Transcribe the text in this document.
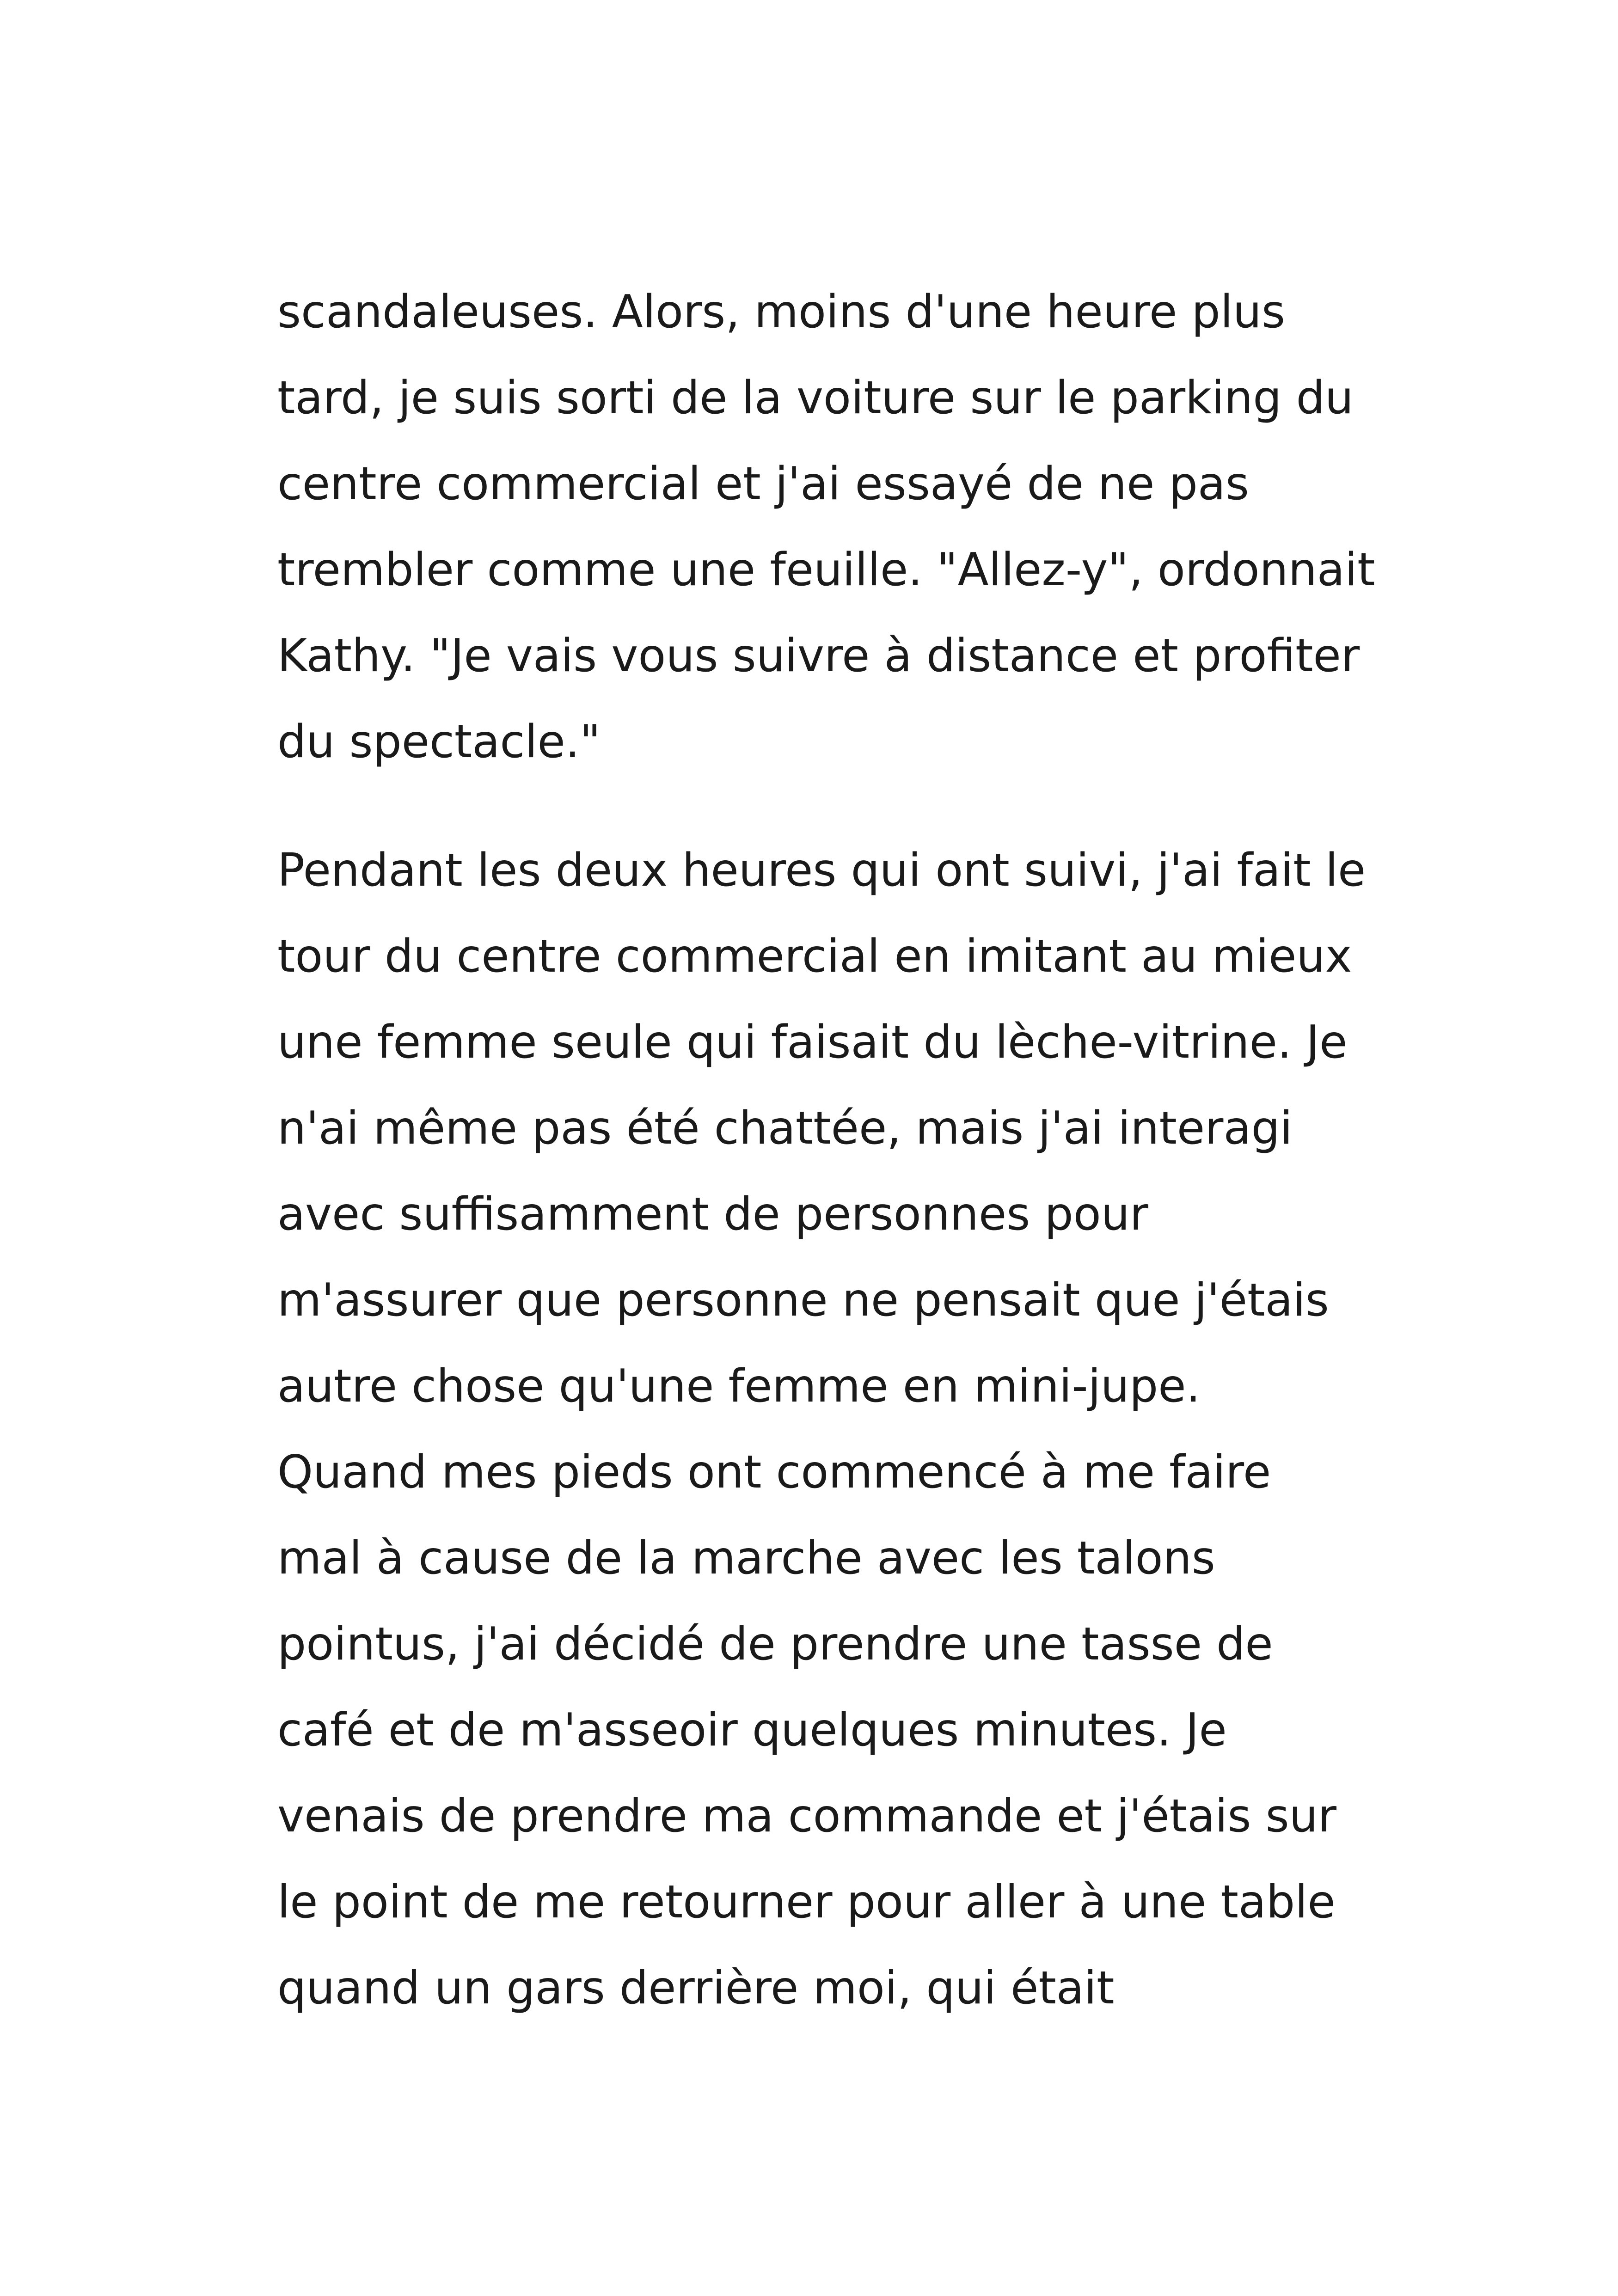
scandaleuses. Alors, moins d'une heure plus
tard, je suis sorti de la voiture sur le parking du
centre commercial et j'ai essayé de ne pas
trembler comme une feuille. "Allez-y", ordonnait
Kathy. "Je vais vous suivre à distance et profiter
du spectacle."
Pendant les deux heures qui ont suivi, j'ai fait le
tour du centre commercial en imitant au mieux
une femme seule qui faisait du lèche-vitrine. Je
n'ai même pas été chattée, mais j'ai interagi
avec suffisamment de personnes pour
m'assurer que personne ne pensait que j'étais
autre chose qu'une femme en mini-jupe.
Quand mes pieds ont commencé à me faire
mal à cause de la marche avec les talons
pointus, j'ai décidé de prendre une tasse de
café et de m'asseoir quelques minutes. Je
venais de prendre ma commande et j'étais sur
le point de me retourner pour aller à une table
quand un gars derrière moi, qui était
